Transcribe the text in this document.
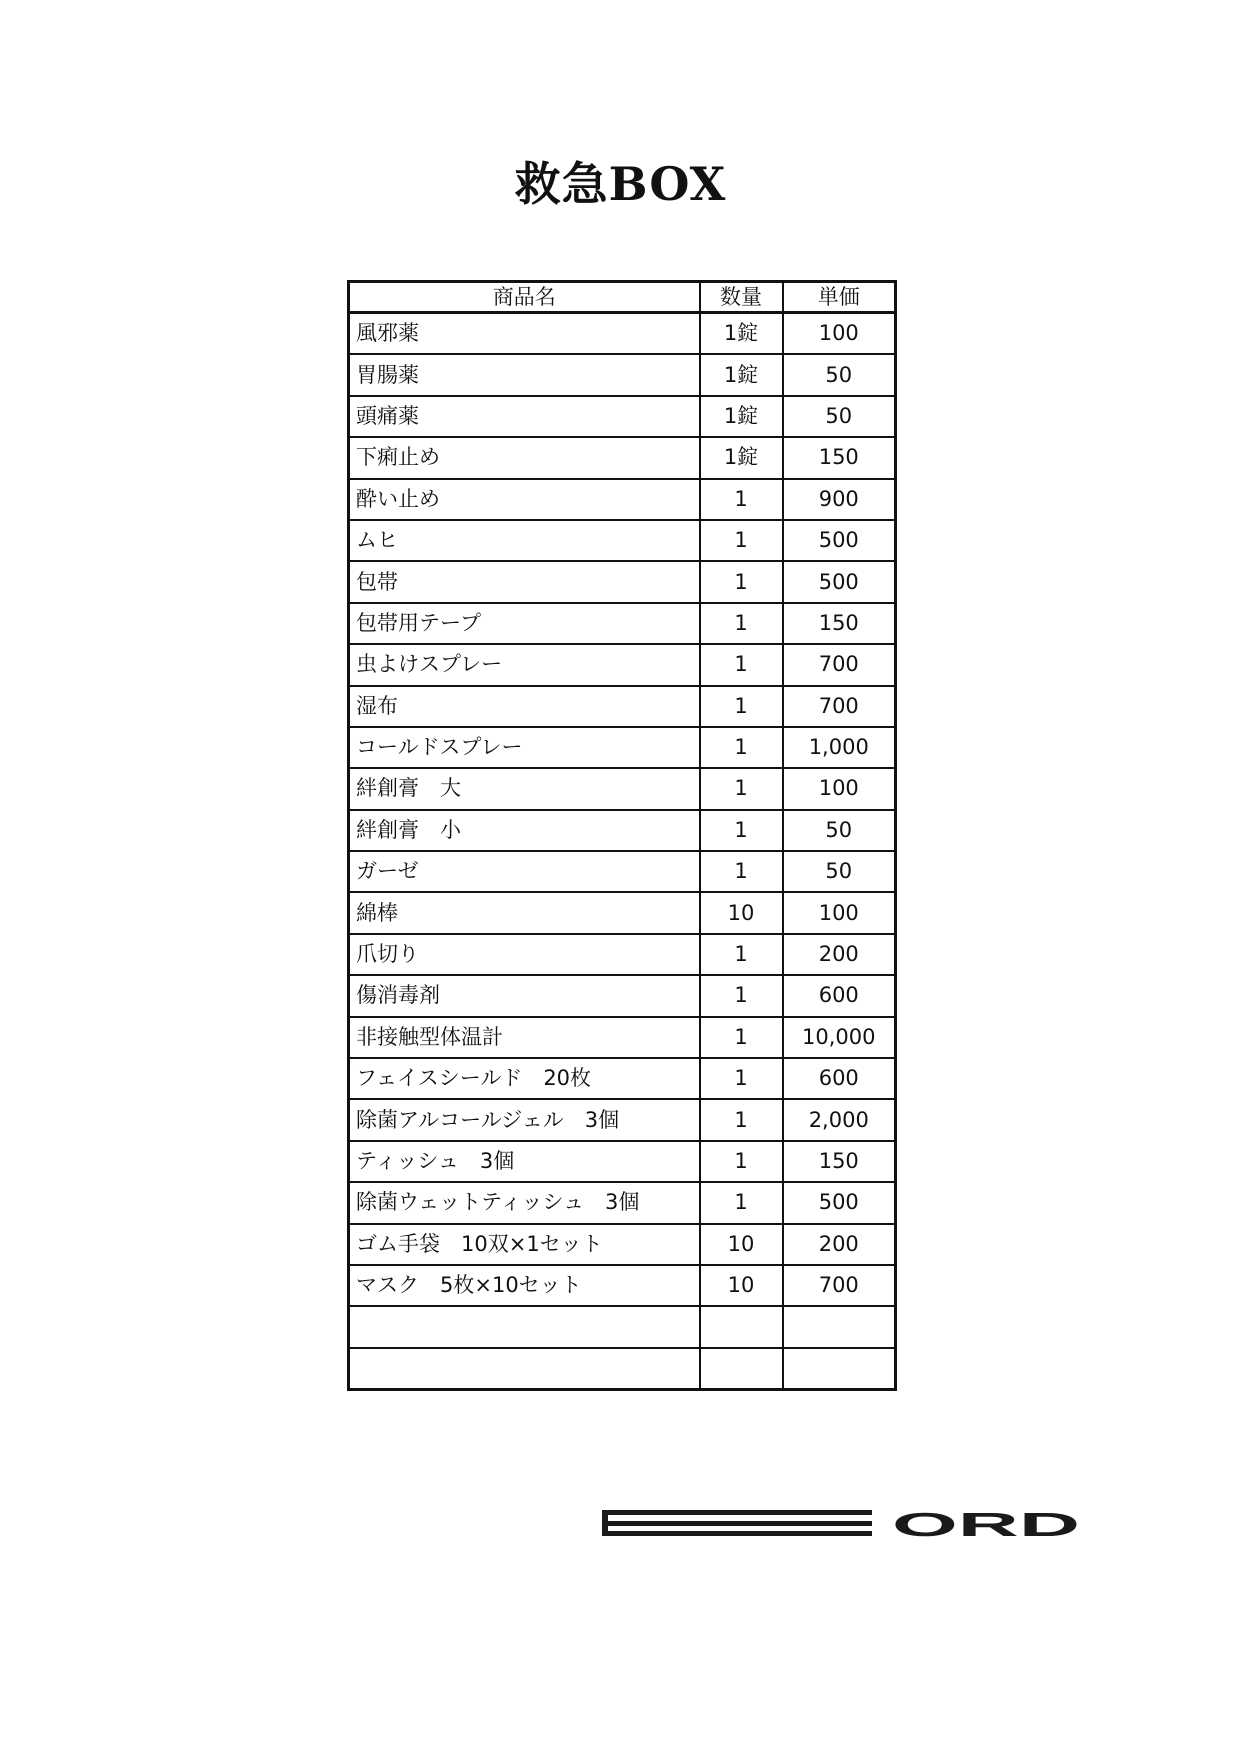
救急BOX
商品名	数量	単価
風邪薬	1錠	100
胃腸薬	1錠	50
頭痛薬	1錠	50
下痢止め	1錠	150
酔い止め	1	900
ムヒ	1	500
包帯	1	500
包帯用テープ	1	150
虫よけスプレー	1	700
湿布	1	700
コールドスプレー	1	1,000
絆創膏　大	1	100
絆創膏　小	1	50
ガーゼ	1	50
綿棒	10	100
爪切り	1	200
傷消毒剤	1	600
非接触型体温計	1	10,000
フェイスシールド　20枚	1	600
除菌アルコールジェル　3個	1	2,000
ティッシュ　3個	1	150
除菌ウェットティッシュ　3個	1	500
ゴム手袋　10双×1セット	10	200
マスク　5枚×10セット	10	700

ORD
